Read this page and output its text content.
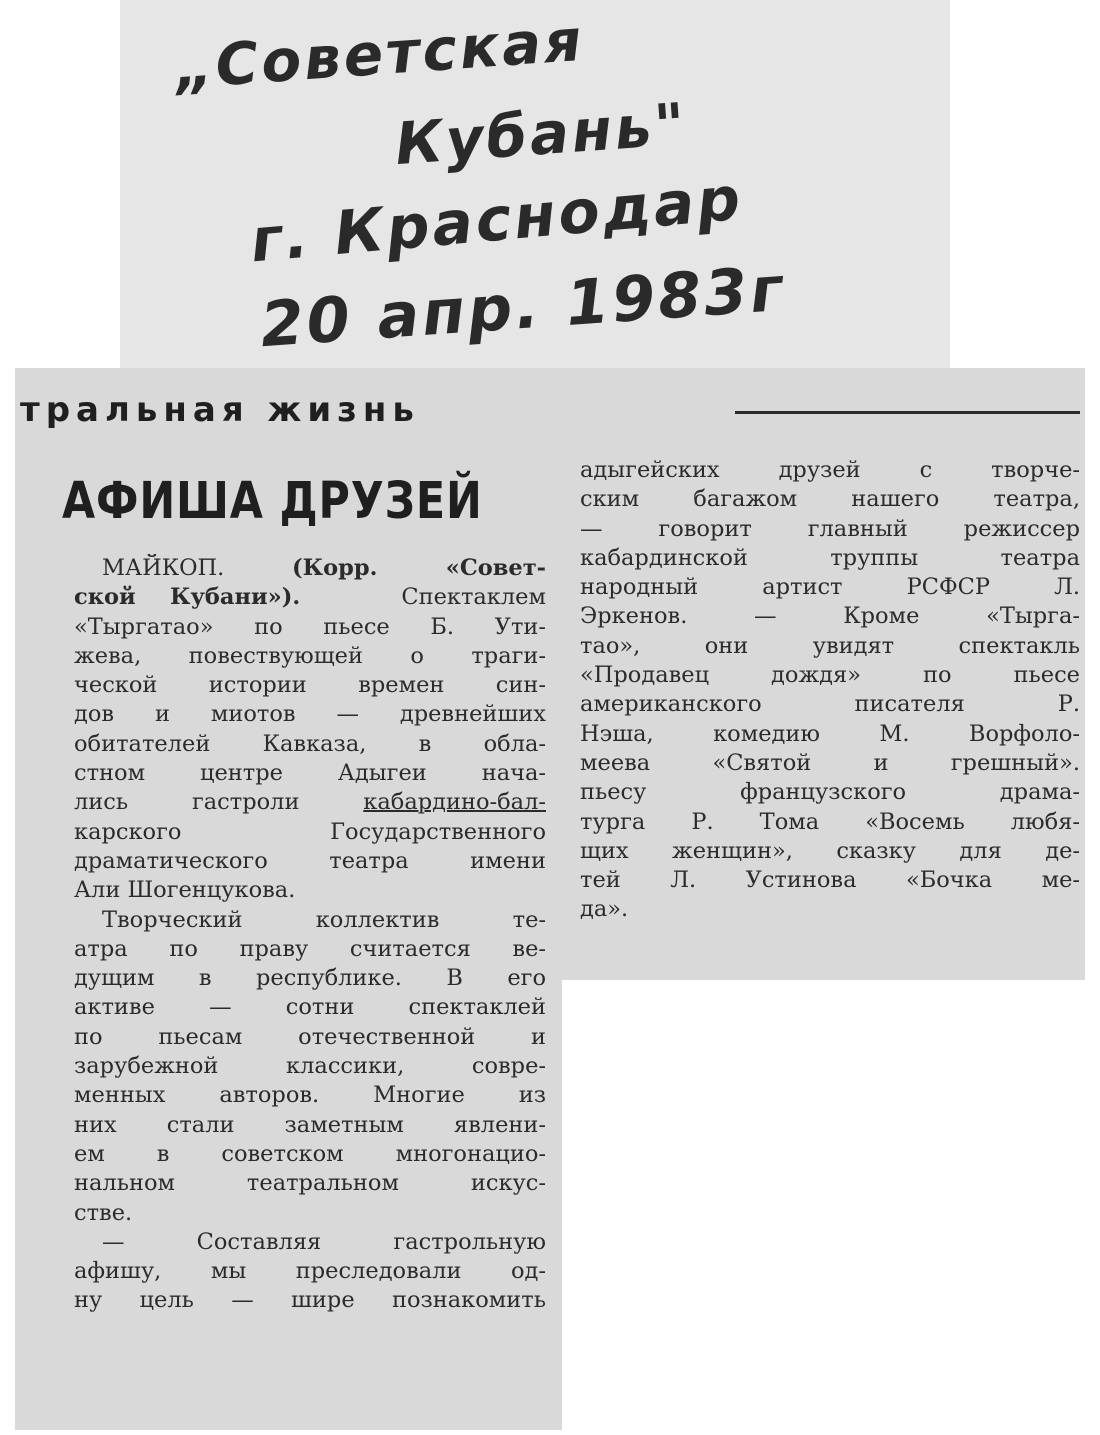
„Советская

Кубань"

г. Краснодар

20 апр. 1983г

тральная жизнь
АФИША ДРУЗЕЙ
МАЙКОП.	(Корр. «Совет-
ской Кубани»).	Спектаклем
«Тыргатао» по пьесе Б. Ути-
жева, повествующей о траги-
ческой истории времен син-
дов и миотов — древнейших
обитателей Кавказа, в обла-
стном центре Адыгеи нача-
лись гастроли кабардино-бал-
карского Государственного
драматического театра имени
Али Шогенцукова.
Творческий коллектив те-
атра по праву считается ве-
дущим в республике. В его
активе — сотни спектаклей
по пьесам отечественной и
зарубежной классики, совре-
менных авторов. Многие из
них стали заметным явлени-
ем в советском многонацио-
нальном театральном искус-
стве.
— Составляя гастрольную
афишу, мы преследовали од-
ну цель — шире познакомить
адыгейских друзей с творче-
ским багажом нашего театра,
— говорит главный режиссер
кабардинской труппы театра
народный артист РСФСР Л.
Эркенов. — Кроме «Тырга-
тао», они увидят спектакль
«Продавец дождя» по пьесе
американского писателя Р.
Нэша, комедию М. Ворфоло-
меева «Святой и грешный».
пьесу французского драма-
турга Р. Тома «Восемь любя-
щих женщин», сказку для де-
тей Л. Устинова «Бочка ме-
да».
